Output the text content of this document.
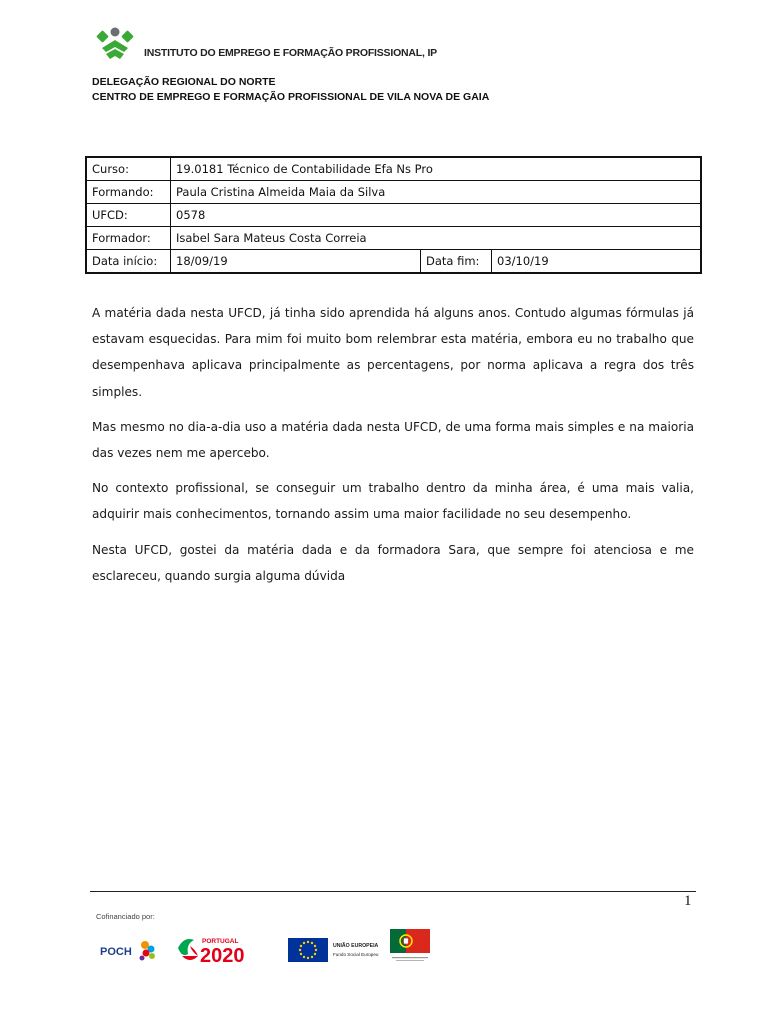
INSTITUTO DO EMPREGO E FORMAÇÃO PROFISSIONAL, IP
DELEGAÇÃO REGIONAL DO NORTE
CENTRO DE EMPREGO E FORMAÇÃO PROFISSIONAL DE VILA NOVA DE GAIA
Curso:	19.0181 Técnico de Contabilidade Efa Ns Pro		
Formando:	Paula Cristina Almeida Maia da Silva		
UFCD:	0578		
Formador:	Isabel Sara Mateus Costa Correia		
Data início:	18/09/19	Data fim:	03/10/19

A matéria dada nesta UFCD, já tinha sido aprendida há alguns anos. Contudo algumas fórmulas já estavam esquecidas. Para mim foi muito bom relembrar esta matéria, embora eu no trabalho que desempenhava aplicava principalmente as percentagens, por norma aplicava a regra dos três simples.

Mas mesmo no dia-a-dia uso a matéria dada nesta UFCD, de uma forma mais simples e na maioria das vezes nem me apercebo.

No contexto profissional, se conseguir um trabalho dentro da minha área, é uma mais valia, adquirir mais conhecimentos, tornando assim uma maior facilidade no seu desempenho.

Nesta UFCD, gostei da matéria dada e da formadora Sara, que sempre foi atenciosa e me esclareceu, quando surgia alguma dúvida

1
Cofinanciado por:
POCH
PORTUGAL
2020	UNIÃO EUROPEIA
Fundo Social Europeu
